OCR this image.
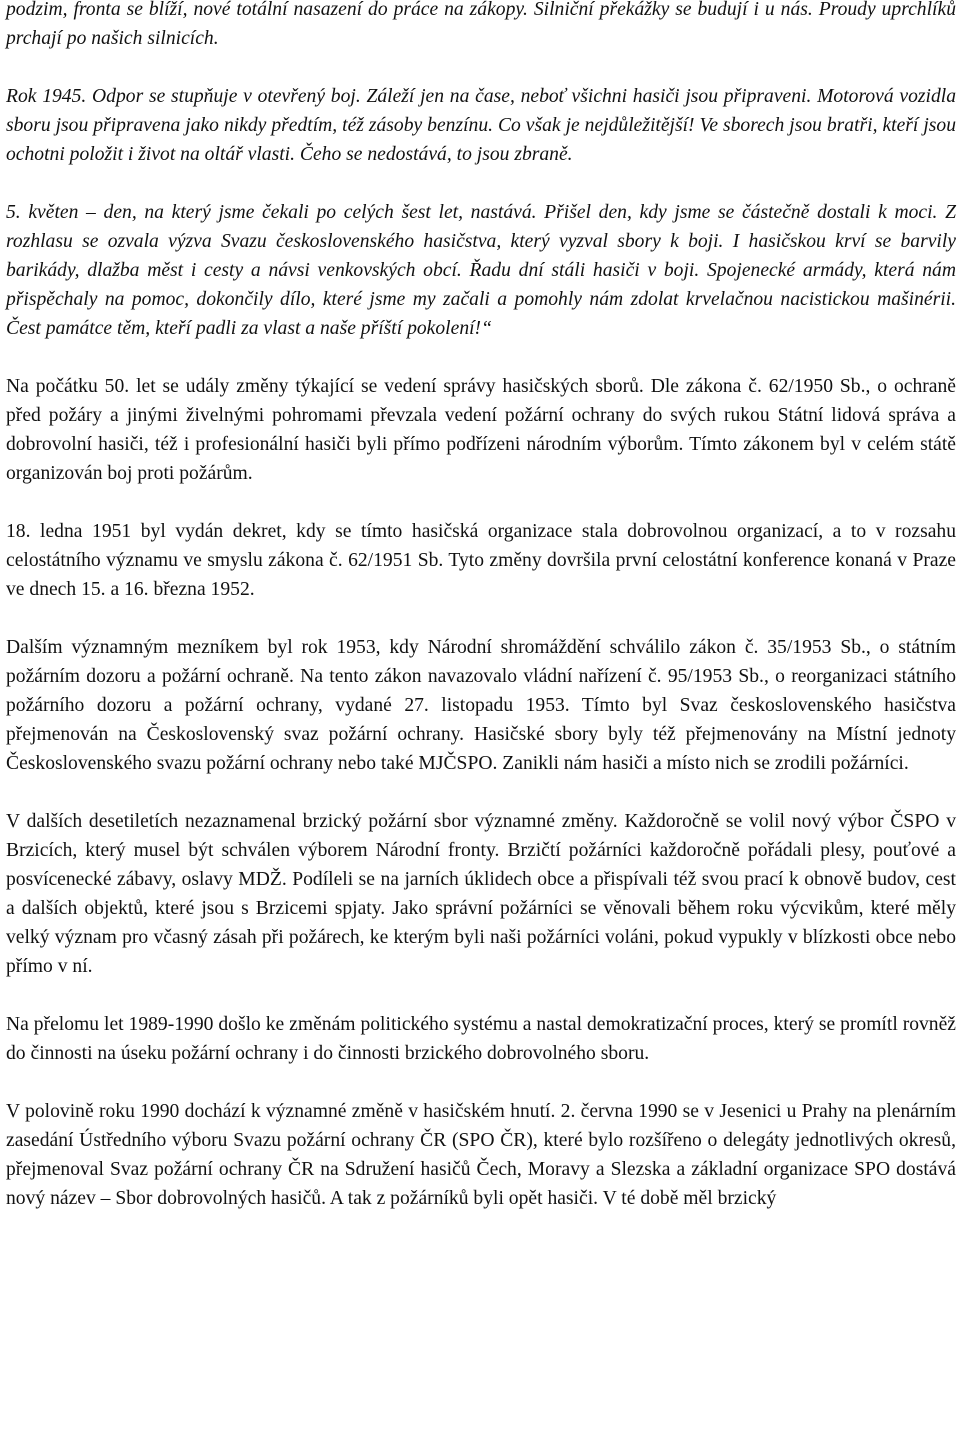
podzim, fronta se blíží, nové totální nasazení do práce na zákopy. Silniční překážky se budují i u nás. Proudy uprchlíků prchají po našich silnicích.

Rok 1945. Odpor se stupňuje v otevřený boj. Záleží jen na čase, neboť všichni hasiči jsou připraveni. Motorová vozidla sboru jsou připravena jako nikdy předtím, též zásoby benzínu. Co však je nejdůležitější! Ve sborech jsou bratři, kteří jsou ochotni položit i život na oltář vlasti. Čeho se nedostává, to jsou zbraně.

5. květen – den, na který jsme čekali po celých šest let, nastává. Přišel den, kdy jsme se částečně dostali k moci. Z rozhlasu se ozvala výzva Svazu československého hasičstva, který vyzval sbory k boji. I hasičskou krví se barvily barikády, dlažba měst i cesty a návsi venkovských obcí. Řadu dní stáli hasiči v boji. Spojenecké armády, která nám přispěchaly na pomoc, dokončily dílo, které jsme my začali a pomohly nám zdolat krvelačnou nacistickou mašinérii. Čest památce těm, kteří padli za vlast a naše příští pokolení!“

Na počátku 50. let se udály změny týkající se vedení správy hasičských sborů. Dle zákona č. 62/1950 Sb., o ochraně před požáry a jinými živelnými pohromami převzala vedení požární ochrany do svých rukou Státní lidová správa a dobrovolní hasiči, též i profesionální hasiči byli přímo podřízeni národním výborům. Tímto zákonem byl v celém státě organizován boj proti požárům.

18. ledna 1951 byl vydán dekret, kdy se tímto hasičská organizace stala dobrovolnou organizací, a to v rozsahu celostátního významu ve smyslu zákona č. 62/1951 Sb. Tyto změny dovršila první celostátní konference konaná v Praze ve dnech 15. a 16. března 1952.

Dalším významným mezníkem byl rok 1953, kdy Národní shromáždění schválilo zákon č. 35/1953 Sb., o státním požárním dozoru a požární ochraně. Na tento zákon navazovalo vládní nařízení č. 95/1953 Sb., o reorganizaci státního požárního dozoru a požární ochrany, vydané 27. listopadu 1953. Tímto byl Svaz československého hasičstva přejmenován na Československý svaz požární ochrany. Hasičské sbory byly též přejmenovány na Místní jednoty Československého svazu požární ochrany nebo také MJČSPO. Zanikli nám hasiči a místo nich se zrodili požárníci.

V dalších desetiletích nezaznamenal brzický požární sbor významné změny. Každoročně se volil nový výbor ČSPO v Brzicích, který musel být schválen výborem Národní fronty. Brzičtí požárníci každoročně pořádali plesy, pouťové a posvícenecké zábavy, oslavy MDŽ. Podíleli se na jarních úklidech obce a přispívali též svou prací k obnově budov, cest a dalších objektů, které jsou s Brzicemi spjaty. Jako správní požárníci se věnovali během roku výcvikům, které měly velký význam pro včasný zásah při požárech, ke kterým byli naši požárníci voláni, pokud vypukly v blízkosti obce nebo přímo v ní.

Na přelomu let 1989-1990 došlo ke změnám politického systému a nastal demokratizační proces, který se promítl rovněž do činnosti na úseku požární ochrany i do činnosti brzického dobrovolného sboru.

V polovině roku 1990 dochází k významné změně v hasičském hnutí. 2. června 1990 se v Jesenici u Prahy na plenárním zasedání Ústředního výboru Svazu požární ochrany ČR (SPO ČR), které bylo rozšířeno o delegáty jednotlivých okresů, přejmenoval Svaz požární ochrany ČR na Sdružení hasičů Čech, Moravy a Slezska a základní organizace SPO dostává nový název – Sbor dobrovolných hasičů. A tak z požárníků byli opět hasiči. V té době měl brzický
